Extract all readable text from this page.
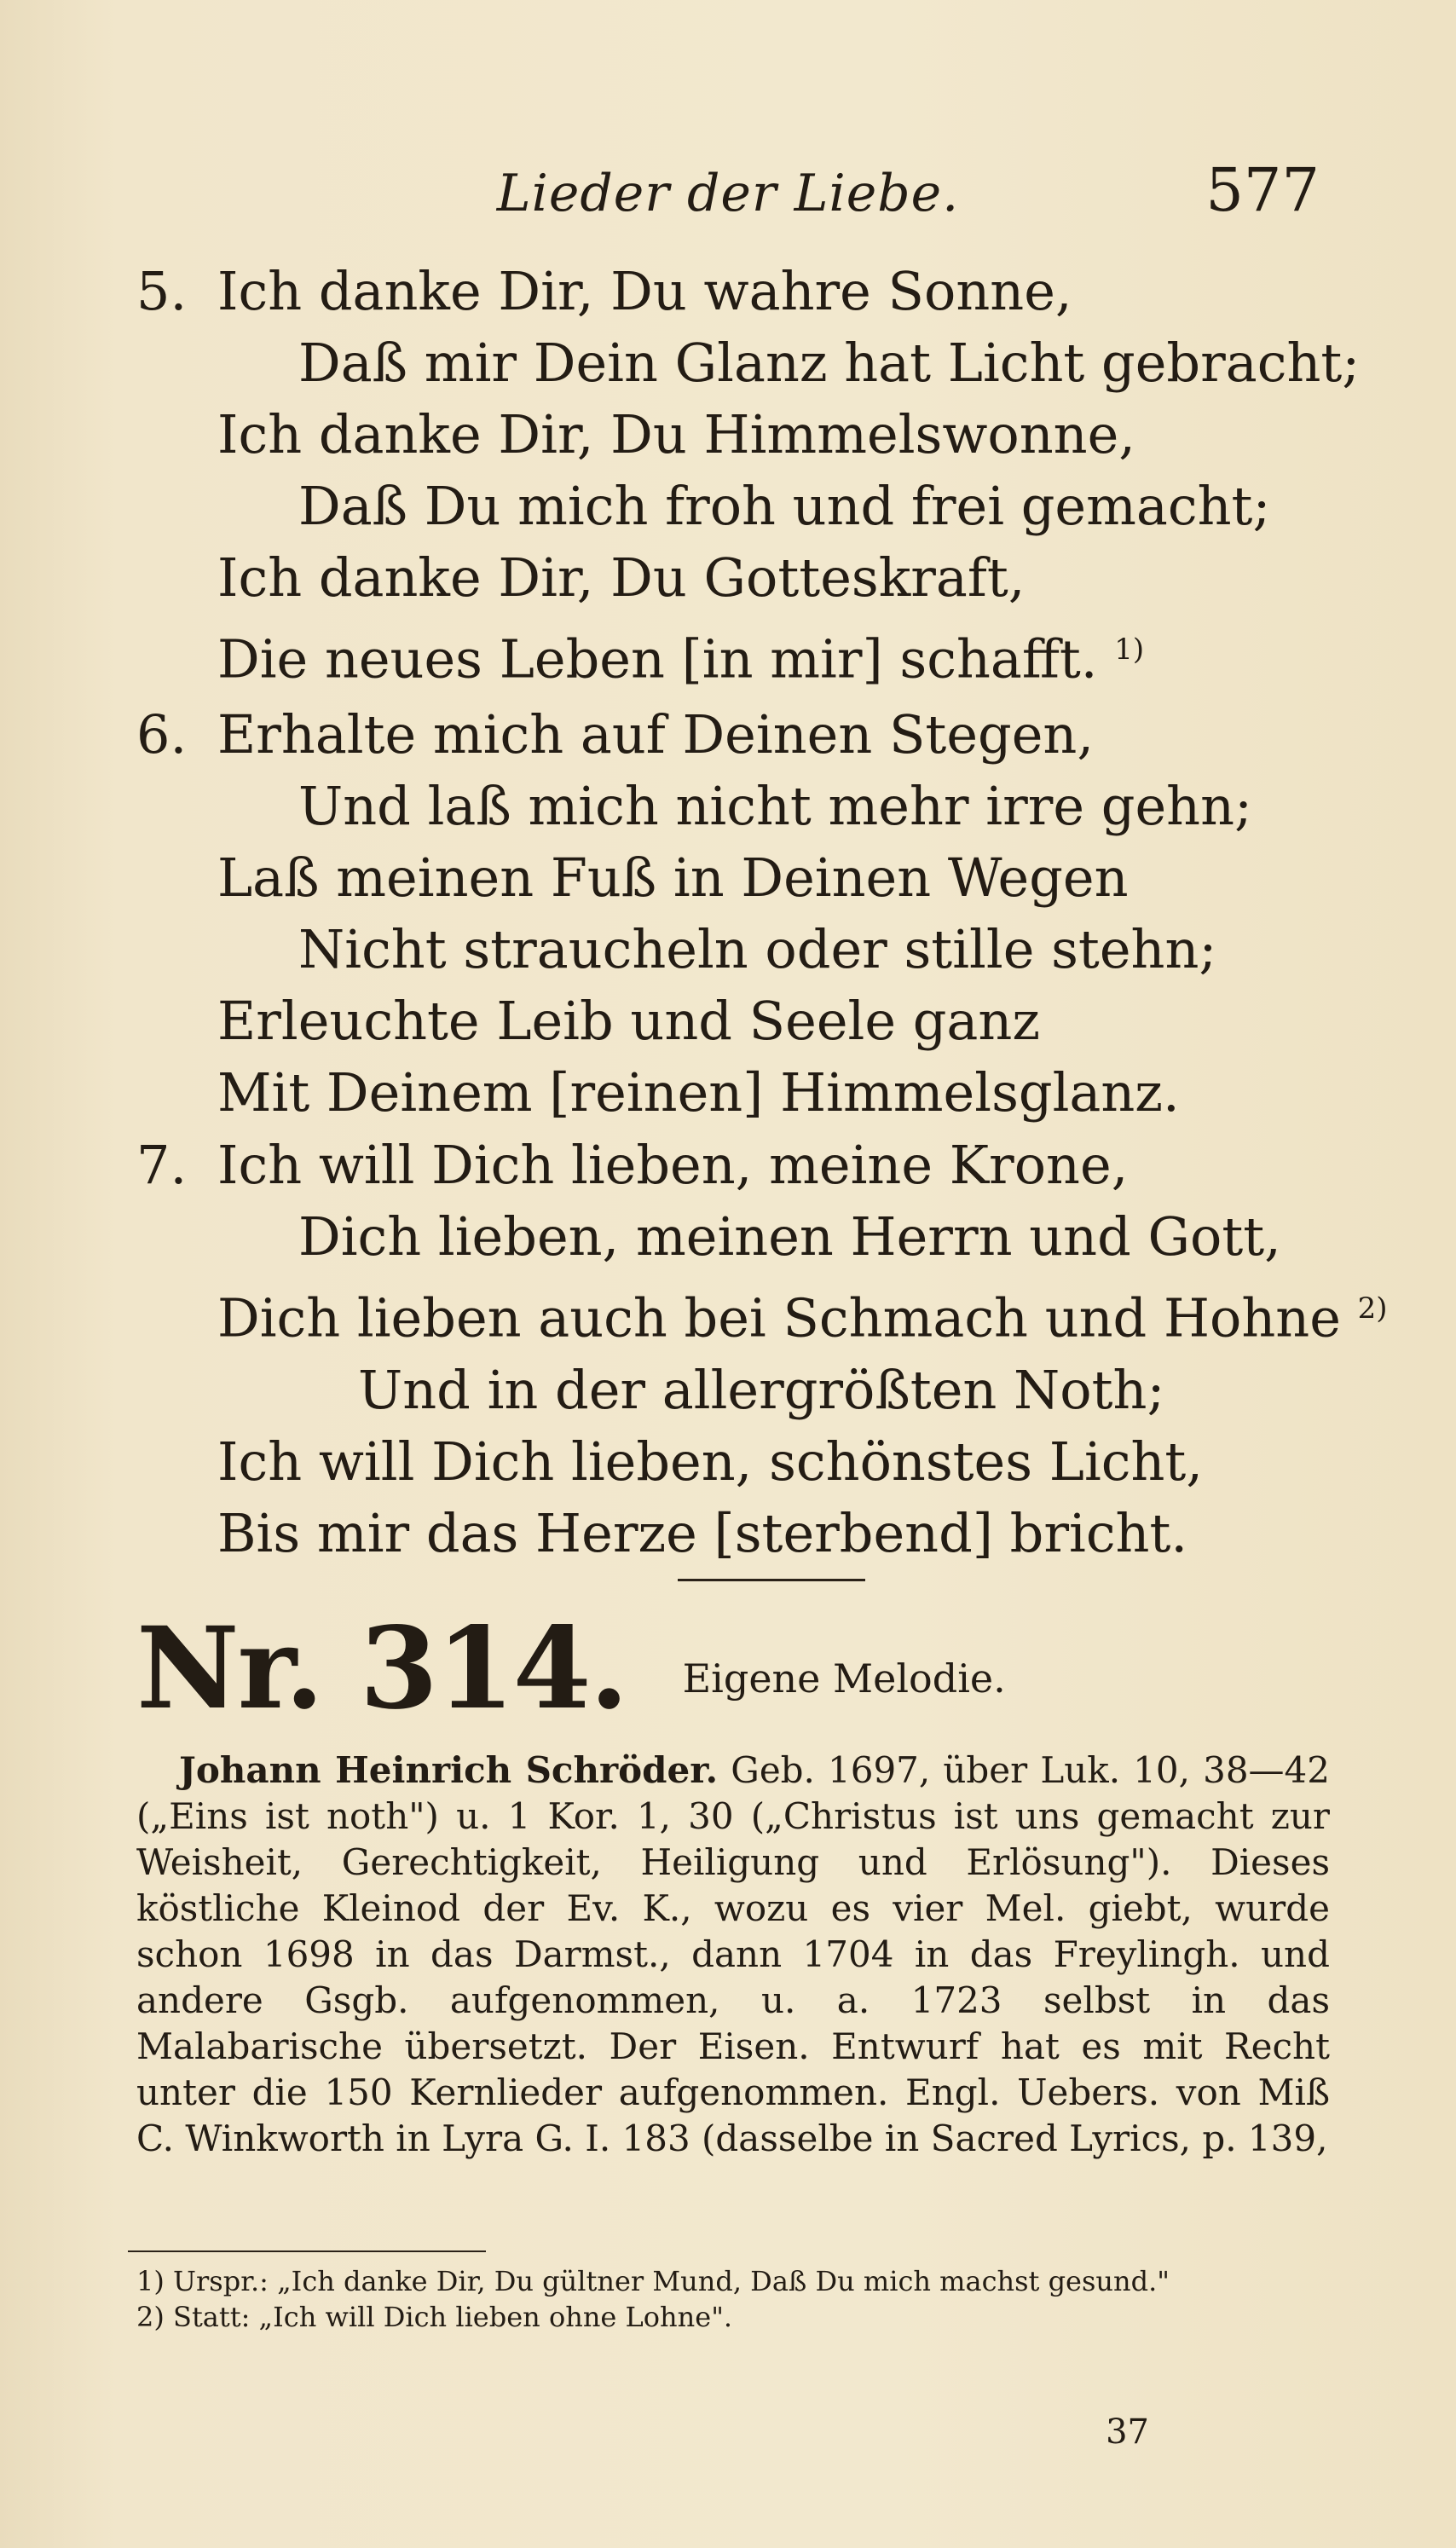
Lieder der Liebe.	577
5. Ich danke Dir, Du wahre Sonne,
Daß mir Dein Glanz hat Licht gebracht;
Ich danke Dir, Du Himmelswonne,
Daß Du mich froh und frei gemacht;
Ich danke Dir, Du Gotteskraft,
Die neues Leben [in mir] schafft. $^{1)}$
6. Erhalte mich auf Deinen Stegen,
Und laß mich nicht mehr irre gehn;
Laß meinen Fuß in Deinen Wegen
Nicht straucheln oder stille stehn;
Erleuchte Leib und Seele ganz
Mit Deinem [reinen] Himmelsglanz.
7. Ich will Dich lieben, meine Krone,
Dich lieben, meinen Herrn und Gott,
Dich lieben auch bei Schmach und Hohne $^{2)}$
Und in der allergrößten Noth;
Ich will Dich lieben, schönstes Licht,
Bis mir das Herze [sterbend] bricht.
Nr. 314. Eigene Melodie.
Johann Heinrich Schröder. Geb. 1697, über Luk. 10, 38—42 („Eins ist noth") u. 1 Kor. 1, 30 („Christus ist uns gemacht zur Weisheit, Gerechtigkeit, Heiligung und Erlösung"). Dieses köstliche Kleinod der Ev. K., wozu es vier Mel. giebt, wurde schon 1698 in das Darmst., dann 1704 in das Freylingh. und andere Gsgb. aufgenommen, u. a. 1723 selbst in das Malabarische übersetzt. Der Eisen. Entwurf hat es mit Recht unter die 150 Kernlieder aufgenommen. Engl. Uebers. von Miß C. Winkworth in Lyra G. I. 183 (dasselbe in Sacred Lyrics, p. 139,
1) Urspr.: „Ich danke Dir, Du gültner Mund, Daß Du mich machst gesund."
2) Statt: „Ich will Dich lieben ohne Lohne".
37
